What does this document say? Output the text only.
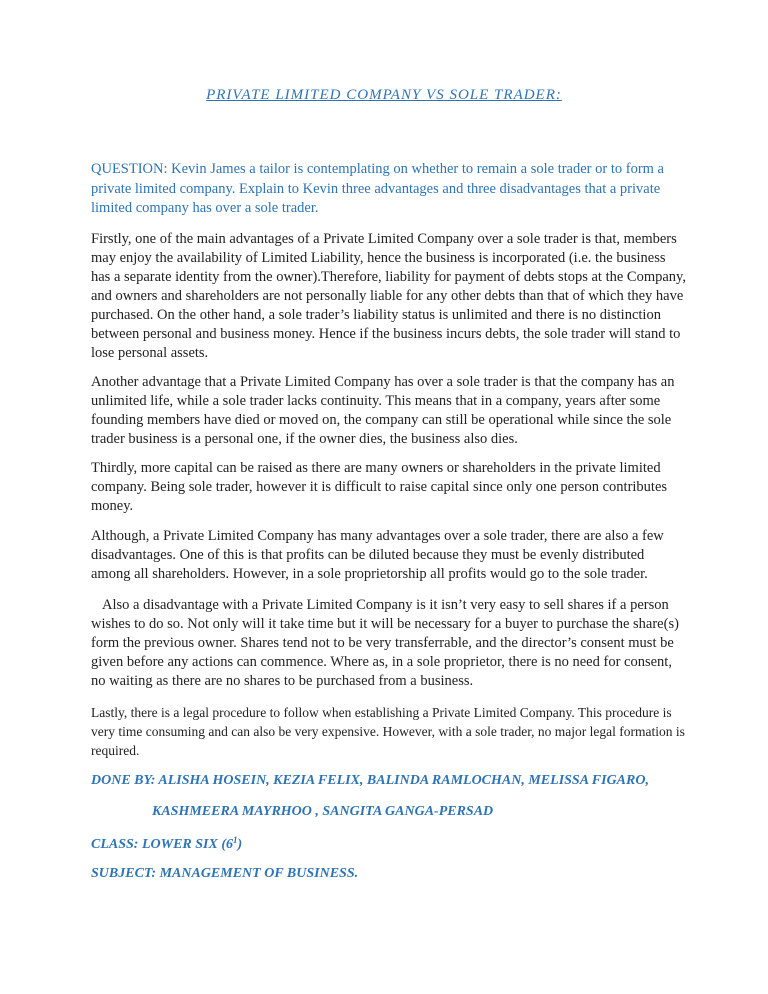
PRIVATE LIMITED COMPANY VS SOLE TRADER:
QUESTION: Kevin James a tailor is contemplating on whether to remain a sole trader or to form a private limited company. Explain to Kevin three advantages and three disadvantages that a private limited company has over a sole trader.

Firstly, one of the main advantages of a Private Limited Company over a sole trader is that, members may enjoy the availability of Limited Liability, hence the business is incorporated (i.e. the business has a separate identity from the owner).Therefore, liability for payment of debts stops at the Company, and owners and shareholders are not personally liable for any other debts than that of which they have purchased. On the other hand, a sole trader’s liability status is unlimited and there is no distinction between personal and business money. Hence if the business incurs debts, the sole trader will stand to lose personal assets.

Another advantage that a Private Limited Company has over a sole trader is that the company has an unlimited life, while a sole trader lacks continuity. This means that in a company, years after some founding members have died or moved on, the company can still be operational while since the sole trader business is a personal one, if the owner dies, the business also dies.

Thirdly, more capital can be raised as there are many owners or shareholders in the private limited company. Being sole trader, however it is difficult to raise capital since only one person contributes money.

Although, a Private Limited Company has many advantages over a sole trader, there are also a few disadvantages. One of this is that profits can be diluted because they must be evenly distributed among all shareholders. However, in a sole proprietorship all profits would go to the sole trader.

Also a disadvantage with a Private Limited Company is it isn’t very easy to sell shares if a person wishes to do so. Not only will it take time but it will be necessary for a buyer to purchase the share(s) form the previous owner. Shares tend not to be very transferrable, and the director’s consent must be given before any actions can commence. Where as, in a sole proprietor, there is no need for consent, no waiting as there are no shares to be purchased from a business.

Lastly, there is a legal procedure to follow when establishing a Private Limited Company. This procedure is very time consuming and can also be very expensive. However, with a sole trader, no major legal formation is required.

DONE BY: ALISHA HOSEIN, KEZIA FELIX, BALINDA RAMLOCHAN, MELISSA FIGARO,
KASHMEERA MAYRHOO , SANGITA GANGA-PERSAD
CLASS: LOWER SIX $(6^1)$
SUBJECT: MANAGEMENT OF BUSINESS.
